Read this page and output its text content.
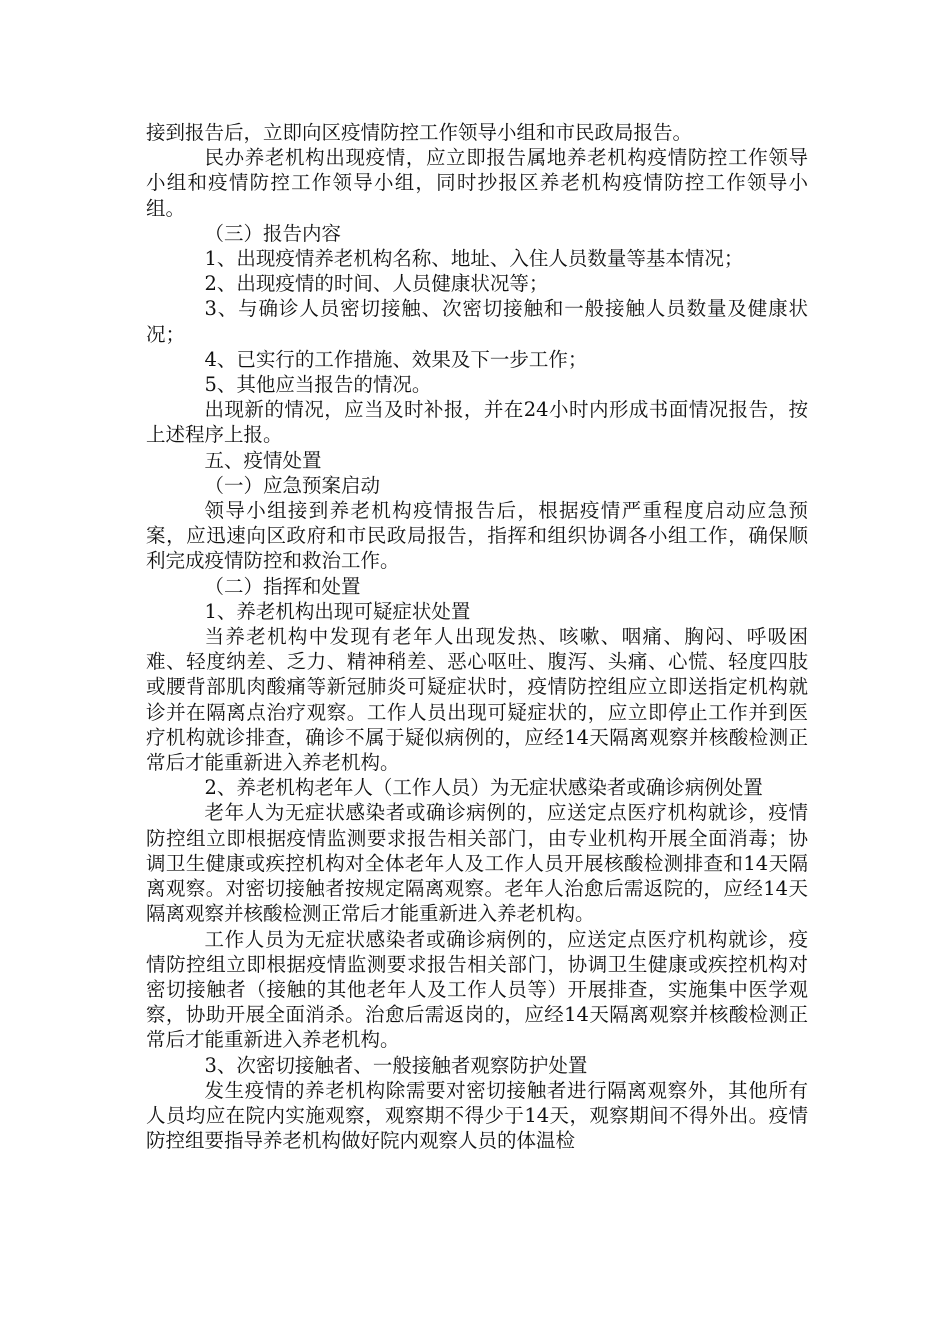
接到报告后，立即向区疫情防控工作领导小组和市民政局报告。

民办养老机构出现疫情，应立即报告属地养老机构疫情防控工作领导小组和疫情防控工作领导小组，同时抄报区养老机构疫情防控工作领导小组。

（三）报告内容

1、出现疫情养老机构名称、地址、入住人员数量等基本情况；

2、出现疫情的时间、人员健康状况等；

3、与确诊人员密切接触、次密切接触和一般接触人员数量及健康状况；

4、已实行的工作措施、效果及下一步工作；

5、其他应当报告的情况。

出现新的情况，应当及时补报，并在24小时内形成书面情况报告，按上述程序上报。

五、疫情处置

（一）应急预案启动

领导小组接到养老机构疫情报告后，根据疫情严重程度启动应急预案，应迅速向区政府和市民政局报告，指挥和组织协调各小组工作，确保顺利完成疫情防控和救治工作。

（二）指挥和处置

1、养老机构出现可疑症状处置

当养老机构中发现有老年人出现发热、咳嗽、咽痛、胸闷、呼吸困难、轻度纳差、乏力、精神稍差、恶心呕吐、腹泻、头痛、心慌、轻度四肢或腰背部肌肉酸痛等新冠肺炎可疑症状时，疫情防控组应立即送指定机构就诊并在隔离点治疗观察。工作人员出现可疑症状的，应立即停止工作并到医疗机构就诊排查，确诊不属于疑似病例的，应经14天隔离观察并核酸检测正常后才能重新进入养老机构。

2、养老机构老年人（工作人员）为无症状感染者或确诊病例处置

老年人为无症状感染者或确诊病例的，应送定点医疗机构就诊，疫情防控组立即根据疫情监测要求报告相关部门，由专业机构开展全面消毒；协调卫生健康或疾控机构对全体老年人及工作人员开展核酸检测排查和14天隔离观察。对密切接触者按规定隔离观察。老年人治愈后需返院的，应经14天隔离观察并核酸检测正常后才能重新进入养老机构。

工作人员为无症状感染者或确诊病例的，应送定点医疗机构就诊，疫情防控组立即根据疫情监测要求报告相关部门，协调卫生健康或疾控机构对密切接触者（接触的其他老年人及工作人员等）开展排查，实施集中医学观察，协助开展全面消杀。治愈后需返岗的，应经14天隔离观察并核酸检测正常后才能重新进入养老机构。

3、次密切接触者、一般接触者观察防护处置

发生疫情的养老机构除需要对密切接触者进行隔离观察外，其他所有人员均应在院内实施观察，观察期不得少于14天，观察期间不得外出。疫情防控组要指导养老机构做好院内观察人员的体温检
